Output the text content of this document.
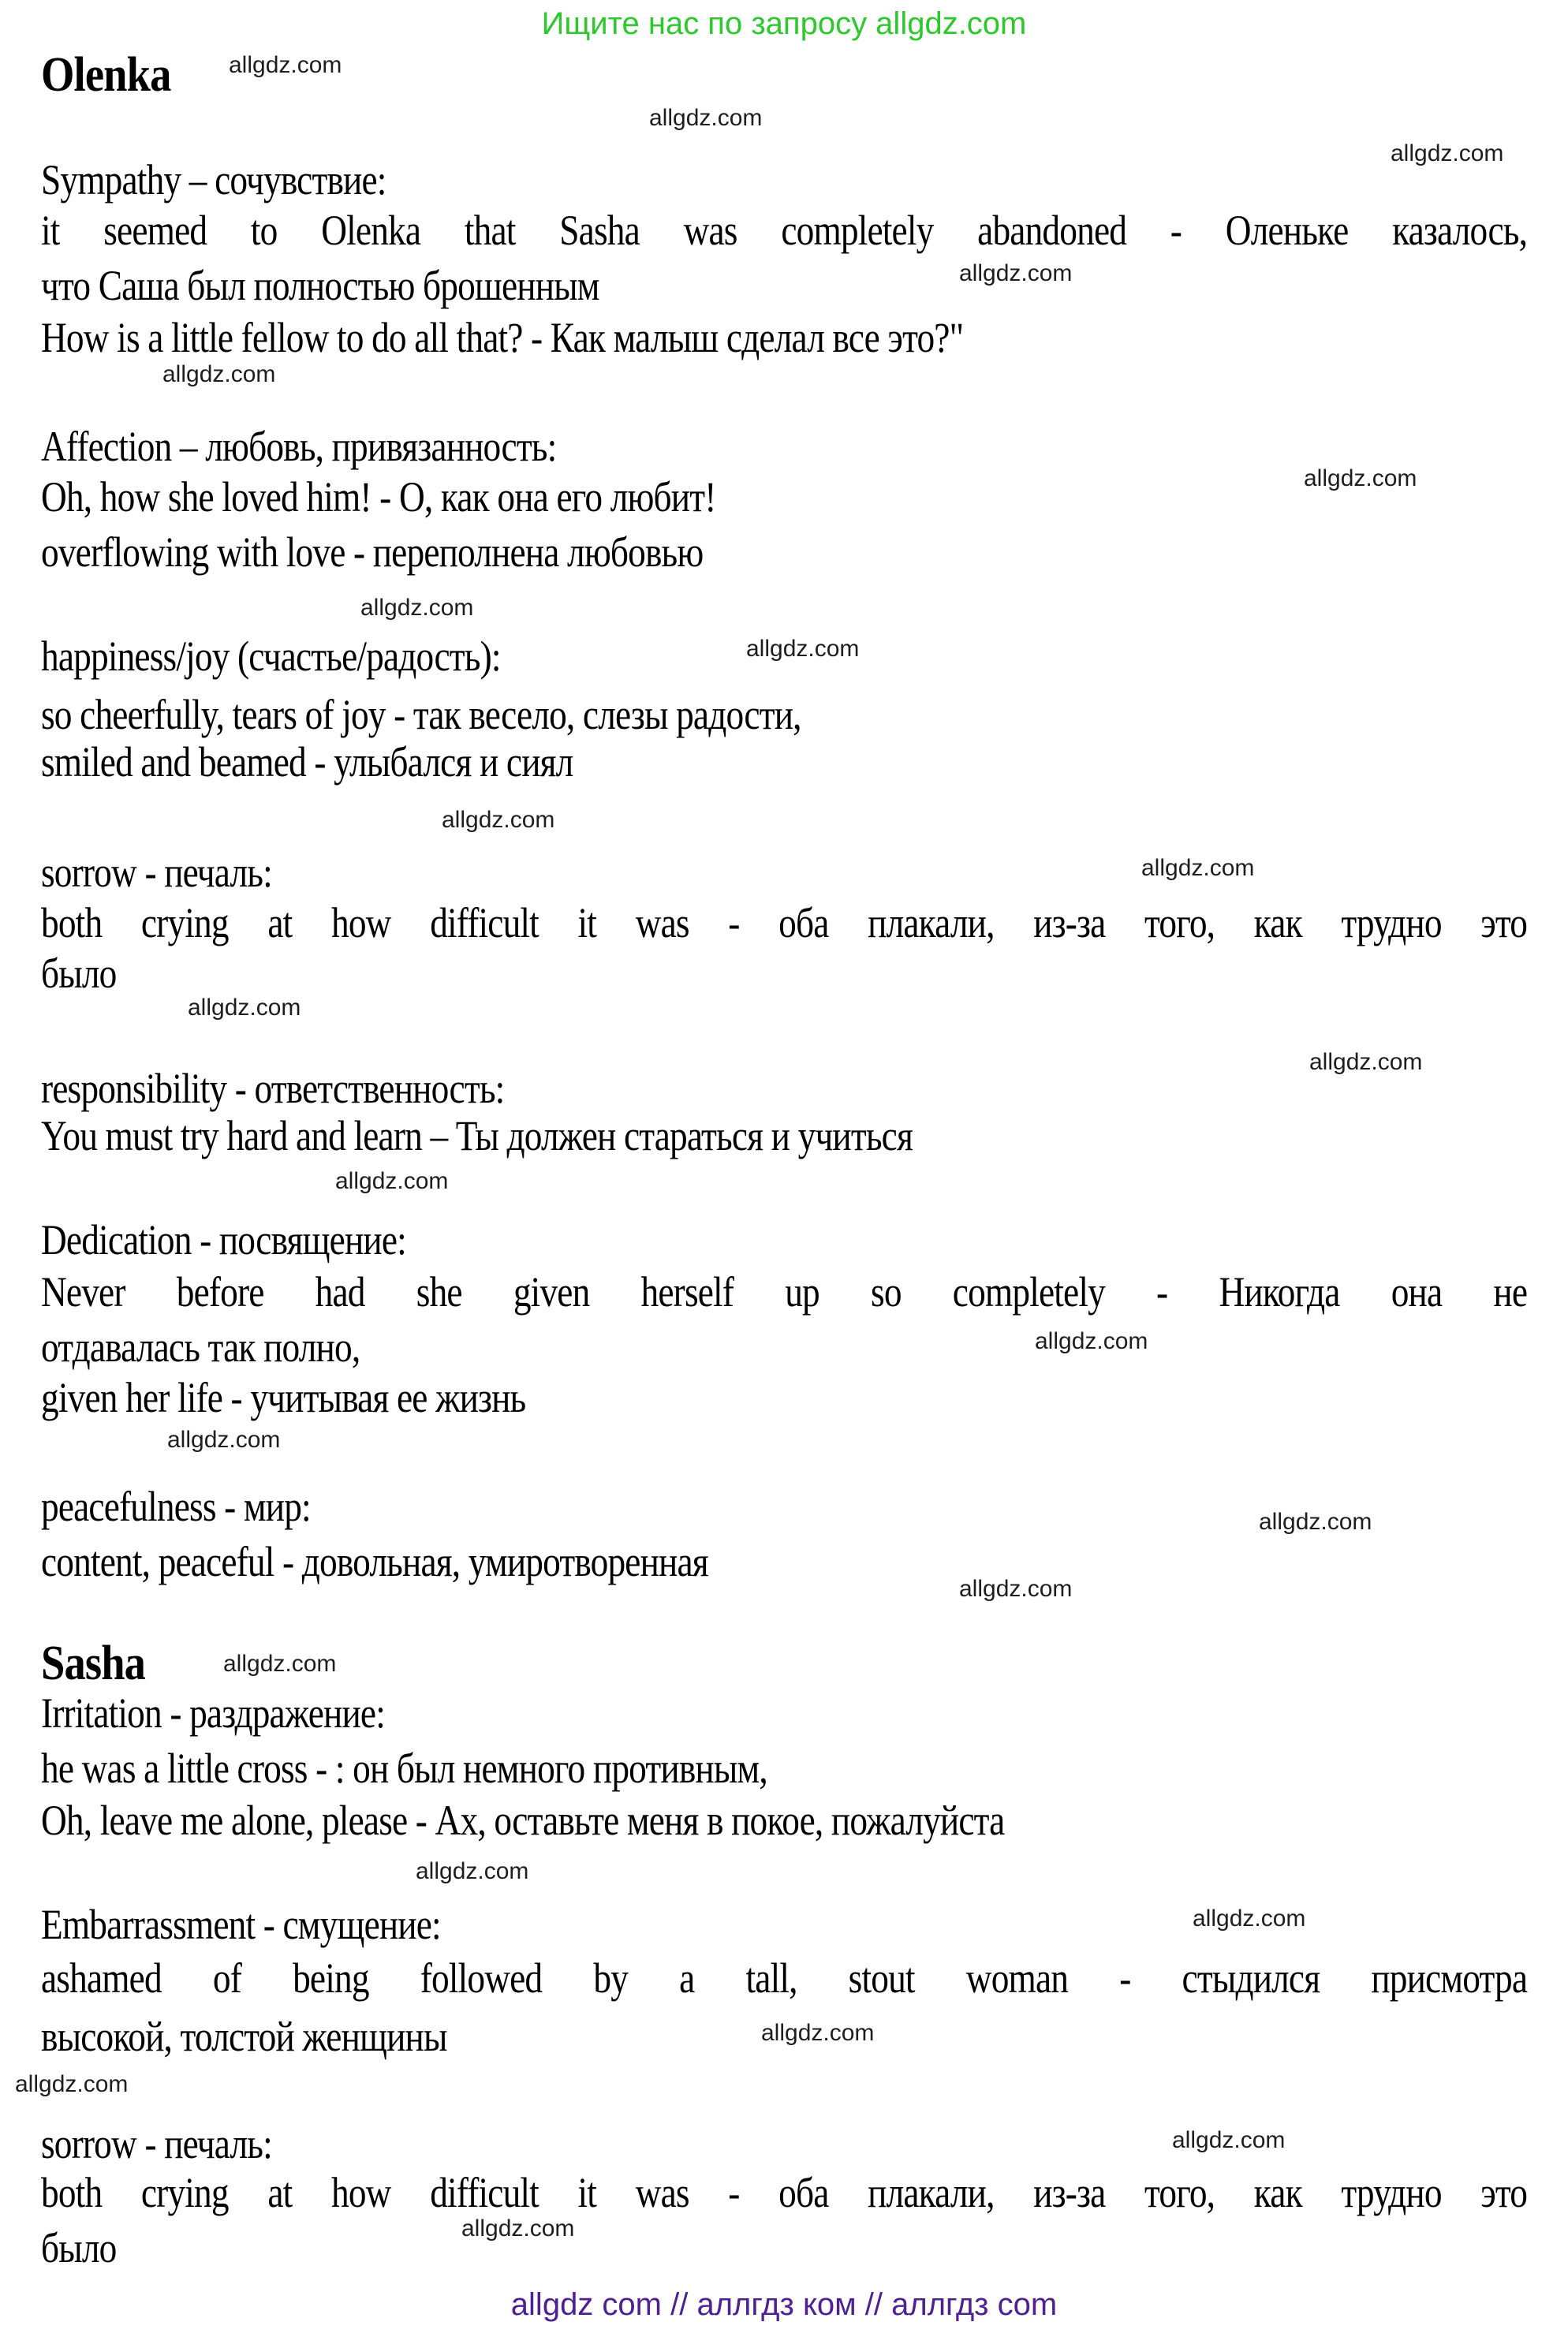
Ищите нас по запросу allgdz.com
Olenka
Sympathy – сочувствие:
it seemed to Olenka that Sasha was completely abandoned - Оленьке казалось,
что Саша был полностью брошенным
How is a little fellow to do all that? - Как малыш сделал все это?"
Affection – любовь, привязанность:
Oh, how she loved him! - О, как она его любит!
overflowing with love - переполнена любовью
happiness/joy (счастье/радость):
so cheerfully, tears of joy - так весело, слезы радости,
smiled and beamed - улыбался и сиял
sorrow - печаль:
both crying at how difficult it was - оба плакали, из-за того, как трудно это
было
responsibility - ответственность:
You must try hard and learn – Ты должен стараться и учиться
Dedication - посвящение:
Never before had she given herself up so completely - Никогда она не
отдавалась так полно,
given her life - учитывая ее жизнь
peacefulness - мир:
content, peaceful - довольная, умиротворенная
Sasha
Irritation - раздражение:
he was a little cross - : он был немного противным,
Oh, leave me alone, please - Ах, оставьте меня в покое, пожалуйста
Embarrassment - смущение:
ashamed of being followed by a tall, stout woman - стыдился присмотра
высокой, толстой женщины
sorrow - печаль:
both crying at how difficult it was - оба плакали, из-за того, как трудно это
было
allgdz.com
allgdz.com
allgdz.com
allgdz.com
allgdz.com
allgdz.com
allgdz.com
allgdz.com
allgdz.com
allgdz.com
allgdz.com
allgdz.com
allgdz.com
allgdz.com
allgdz.com
allgdz.com
allgdz.com
allgdz.com
allgdz.com
allgdz.com
allgdz.com
allgdz.com
allgdz.com
allgdz.com
allgdz com // аллгдз ком // аллгдз com
